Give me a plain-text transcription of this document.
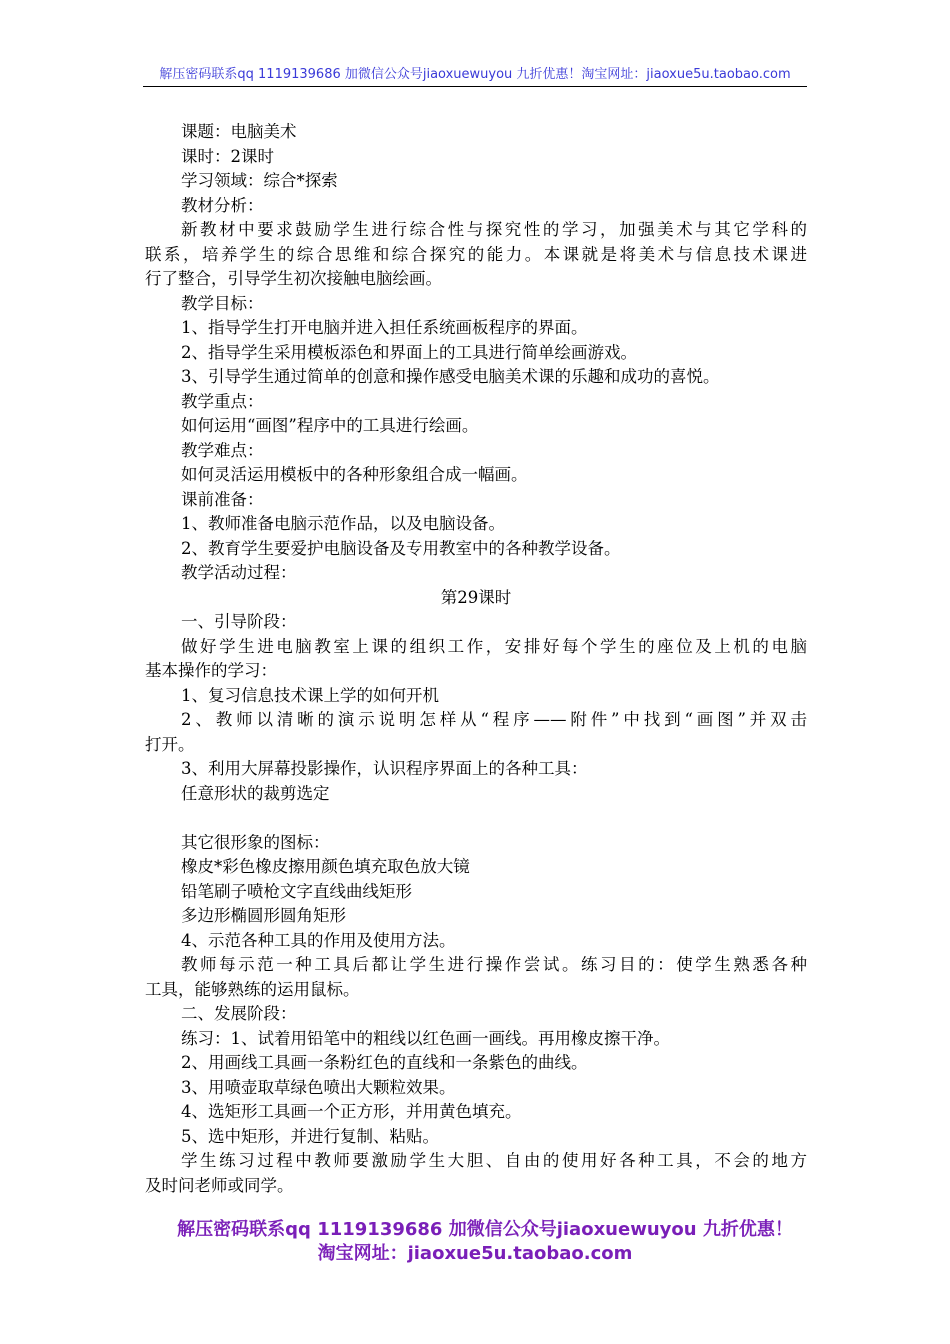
解压密码联系qq 1119139686 加微信公众号jiaoxuewuyou 九折优惠！淘宝网址：jiaoxue5u.taobao.com
课题：电脑美术
课时：2课时
学习领域：综合*探索
教材分析：
新教材中要求鼓励学生进行综合性与探究性的学习，加强美术与其它学科的
联系，培养学生的综合思维和综合探究的能力。本课就是将美术与信息技术课进
行了整合，引导学生初次接触电脑绘画。
教学目标：
1、指导学生打开电脑并进入担任系统画板程序的界面。
2、指导学生采用模板添色和界面上的工具进行简单绘画游戏。
3、引导学生通过简单的创意和操作感受电脑美术课的乐趣和成功的喜悦。
教学重点：
如何运用“画图”程序中的工具进行绘画。
教学难点：
如何灵活运用模板中的各种形象组合成一幅画。
课前准备：
1、教师准备电脑示范作品，以及电脑设备。
2、教育学生要爱护电脑设备及专用教室中的各种教学设备。
教学活动过程：
第29课时
一、引导阶段：
做好学生进电脑教室上课的组织工作，安排好每个学生的座位及上机的电脑
基本操作的学习：
1、复习信息技术课上学的如何开机
2、教师以清晰的演示说明怎样从“程序——附件”中找到“画图”并双击
打开。
3、利用大屏幕投影操作，认识程序界面上的各种工具：
任意形状的裁剪选定
其它很形象的图标：
橡皮*彩色橡皮擦用颜色填充取色放大镜
铅笔刷子喷枪文字直线曲线矩形
多边形椭圆形圆角矩形
4、示范各种工具的作用及使用方法。
教师每示范一种工具后都让学生进行操作尝试。练习目的：使学生熟悉各种
工具，能够熟练的运用鼠标。
二、发展阶段：
练习：1、试着用铅笔中的粗线以红色画一画线。再用橡皮擦干净。
2、用画线工具画一条粉红色的直线和一条紫色的曲线。
3、用喷壶取草绿色喷出大颗粒效果。
4、选矩形工具画一个正方形，并用黄色填充。
5、选中矩形，并进行复制、粘贴。
学生练习过程中教师要激励学生大胆、自由的使用好各种工具，不会的地方
及时问老师或同学。
解压密码联系qq 1119139686 加微信公众号jiaoxuewuyou 九折优惠！
淘宝网址：jiaoxue5u.taobao.com
